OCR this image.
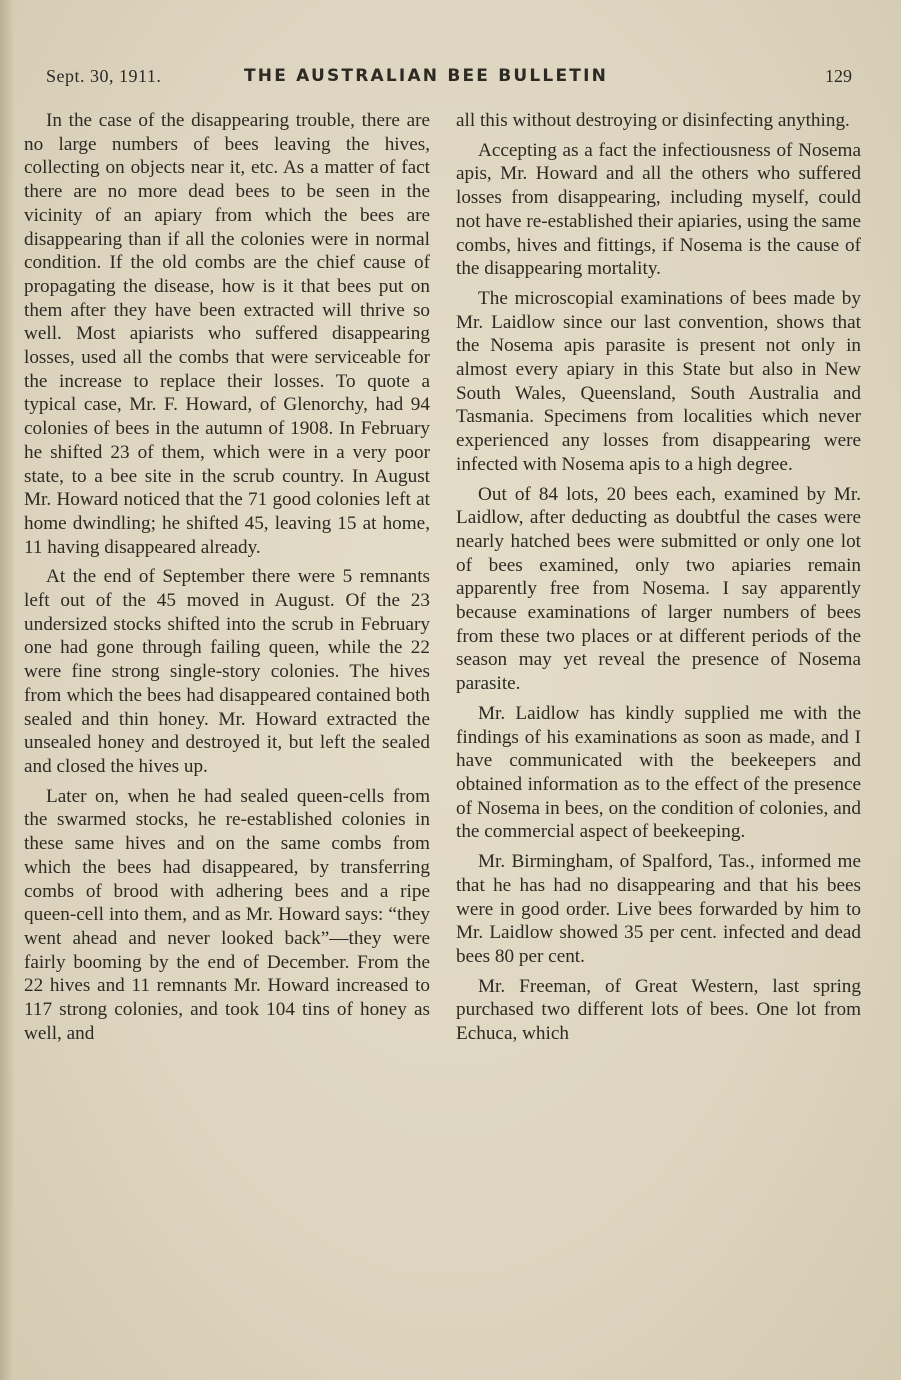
Sept. 30, 1911.	THE AUSTRALIAN BEE BULLETIN	129

In the case of the disappearing trouble, there are no large numbers of bees leaving the hives, collecting on objects near it, etc. As a matter of fact there are no more dead bees to be seen in the vicinity of an apiary from which the bees are disappearing than if all the colonies were in normal condition. If the old combs are the chief cause of propagating the disease, how is it that bees put on them after they have been extracted will thrive so well. Most apiarists who suffered disappearing losses, used all the combs that were serviceable for the increase to replace their losses. To quote a typical case, Mr. F. Howard, of Glenorchy, had 94 colonies of bees in the autumn of 1908. In February he shifted 23 of them, which were in a very poor state, to a bee site in the scrub country. In August Mr. Howard noticed that the 71 good colonies left at home dwindling; he shifted 45, leaving 15 at home, 11 having disappeared already.

At the end of September there were 5 remnants left out of the 45 moved in August. Of the 23 undersized stocks shifted into the scrub in February one had gone through failing queen, while the 22 were fine strong single-story colonies. The hives from which the bees had disappeared contained both sealed and thin honey. Mr. Howard extracted the unsealed honey and destroyed it, but left the sealed and closed the hives up.

Later on, when he had sealed queen-cells from the swarmed stocks, he re-established colonies in these same hives and on the same combs from which the bees had disappeared, by transferring combs of brood with adhering bees and a ripe queen-cell into them, and as Mr. Howard says: “they went ahead and never looked back”—they were fairly booming by the end of December. From the 22 hives and 11 remnants Mr. Howard increased to 117 strong colonies, and took 104 tins of honey as well, and

all this without destroying or disinfecting anything.

Accepting as a fact the infectiousness of Nosema apis, Mr. Howard and all the others who suffered losses from disappearing, including myself, could not have re-established their apiaries, using the same combs, hives and fittings, if Nosema is the cause of the disappearing mortality.

The microscopial examinations of bees made by Mr. Laidlow since our last convention, shows that the Nosema apis parasite is present not only in almost every apiary in this State but also in New South Wales, Queensland, South Australia and Tasmania. Specimens from localities which never experienced any losses from disappearing were infected with Nosema apis to a high degree.

Out of 84 lots, 20 bees each, examined by Mr. Laidlow, after deducting as doubtful the cases were nearly hatched bees were submitted or only one lot of bees examined, only two apiaries remain apparently free from Nosema. I say apparently because examinations of larger numbers of bees from these two places or at different periods of the season may yet reveal the presence of Nosema parasite.

Mr. Laidlow has kindly supplied me with the findings of his examinations as soon as made, and I have communicated with the beekeepers and obtained information as to the effect of the presence of Nosema in bees, on the condition of colonies, and the commercial aspect of beekeeping.

Mr. Birmingham, of Spalford, Tas., informed me that he has had no disappearing and that his bees were in good order. Live bees forwarded by him to Mr. Laidlow showed 35 per cent. infected and dead bees 80 per cent.

Mr. Freeman, of Great Western, last spring purchased two different lots of bees. One lot from Echuca, which
